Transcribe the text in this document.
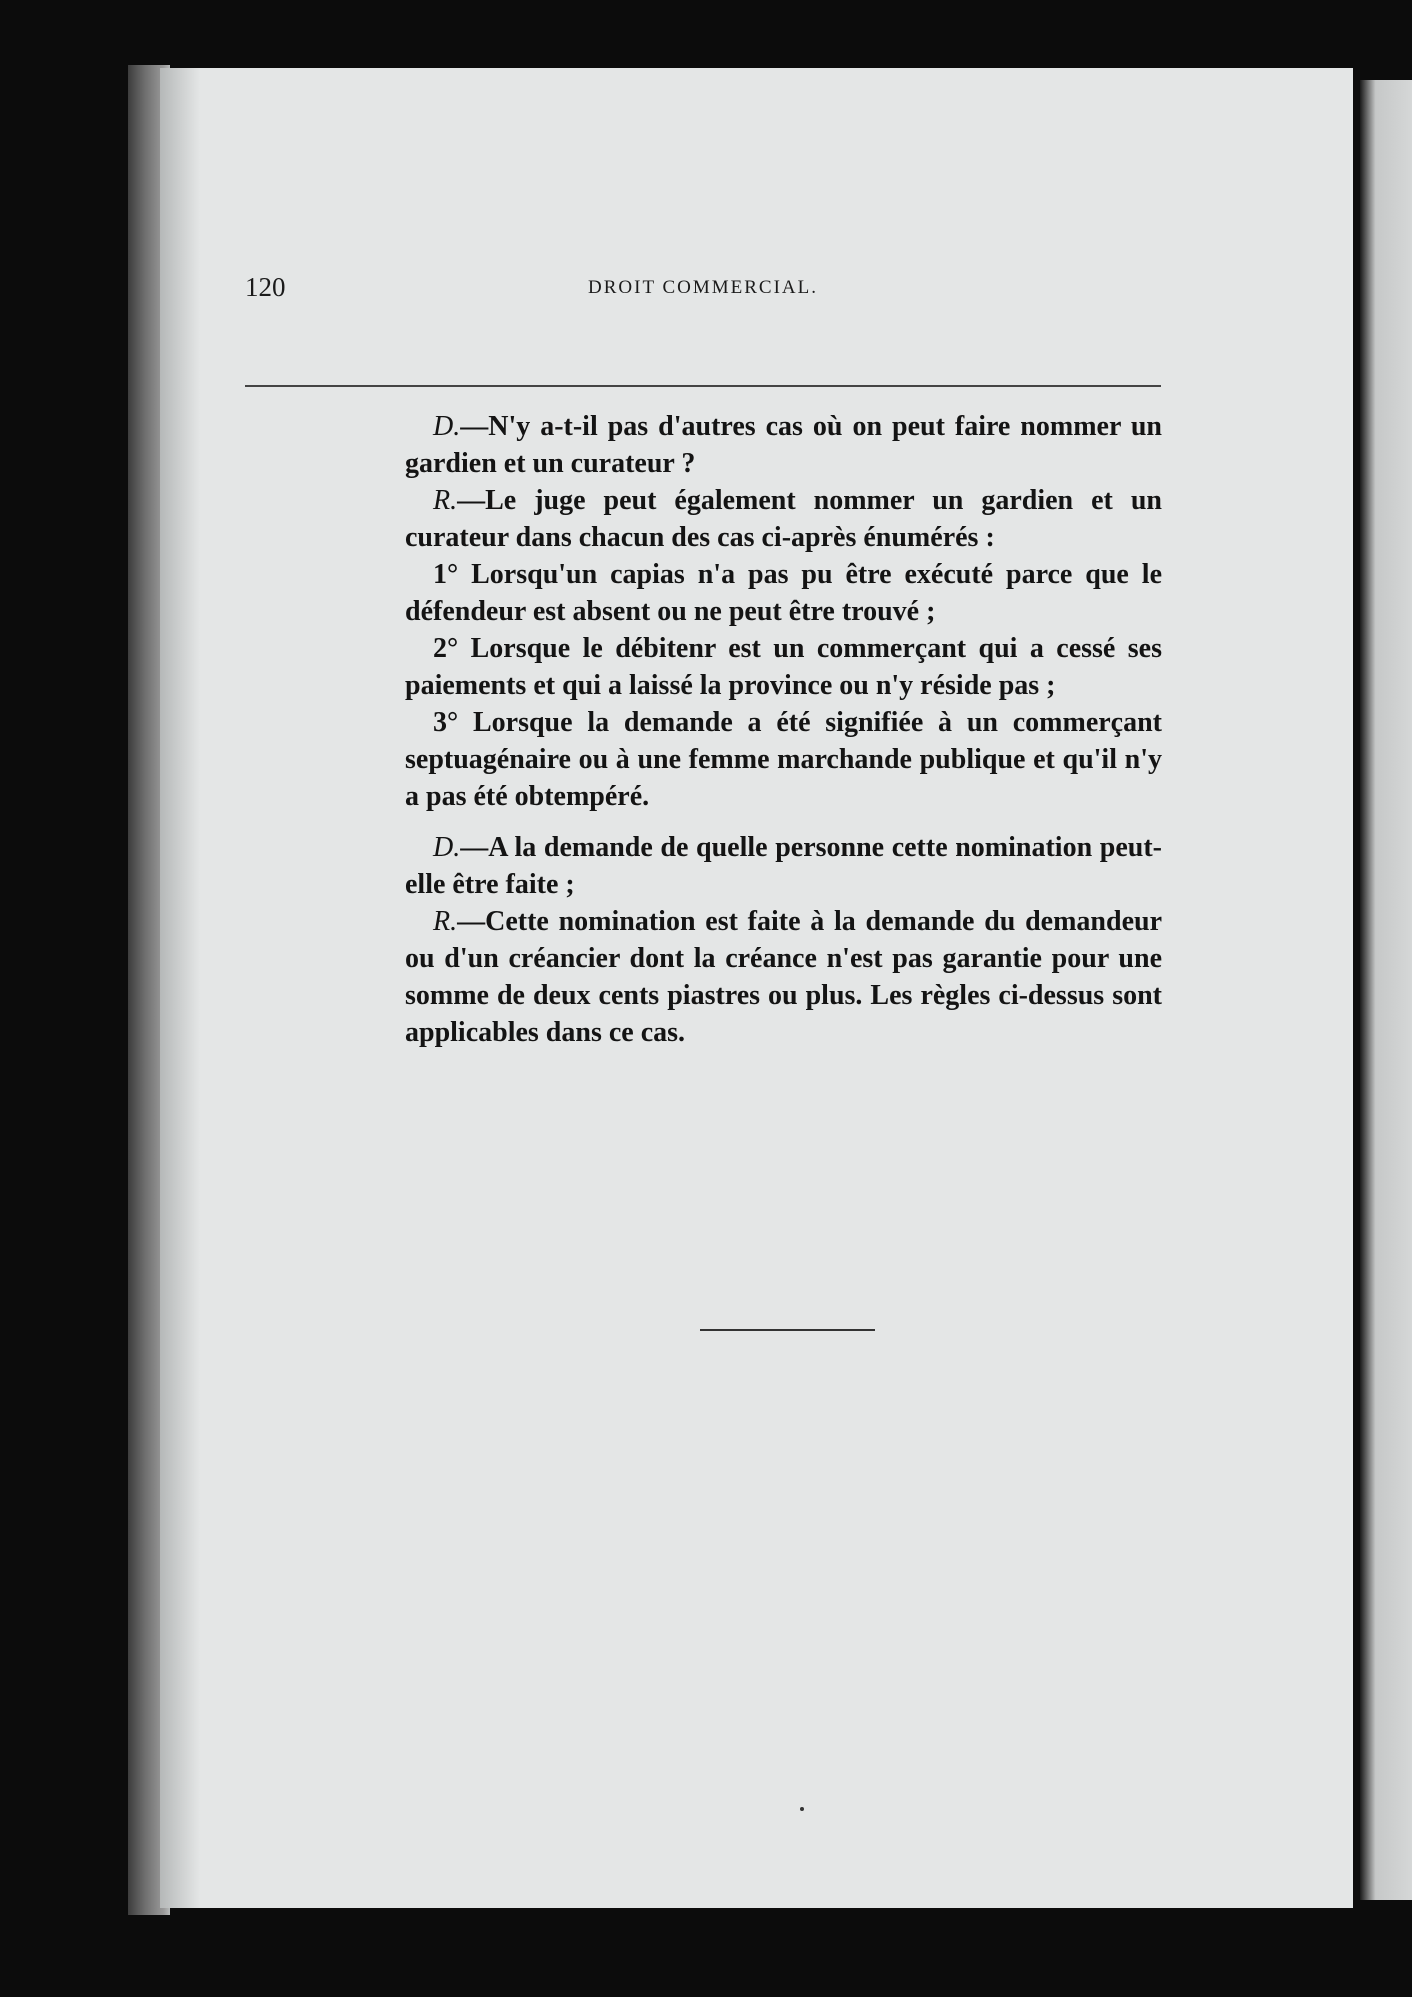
120	DROIT COMMERCIAL.

D.—N'y a-t-il pas d'autres cas où on peut faire nommer un gardien et un curateur ?

R.—Le juge peut également nommer un gardien et un curateur dans chacun des cas ci-après énumérés :

1° Lorsqu'un capias n'a pas pu être exécuté parce que le défendeur est absent ou ne peut être trouvé ;

2° Lorsque le débitenr est un commerçant qui a cessé ses paiements et qui a laissé la province ou n'y réside pas ;

3° Lorsque la demande a été signifiée à un commerçant septuagénaire ou à une femme marchande publique et qu'il n'y a pas été obtempéré.

D.—A la demande de quelle personne cette nomination peut-elle être faite ;

R.—Cette nomination est faite à la demande du demandeur ou d'un créancier dont la créance n'est pas garantie pour une somme de deux cents piastres ou plus. Les règles ci-dessus sont applicables dans ce cas.
